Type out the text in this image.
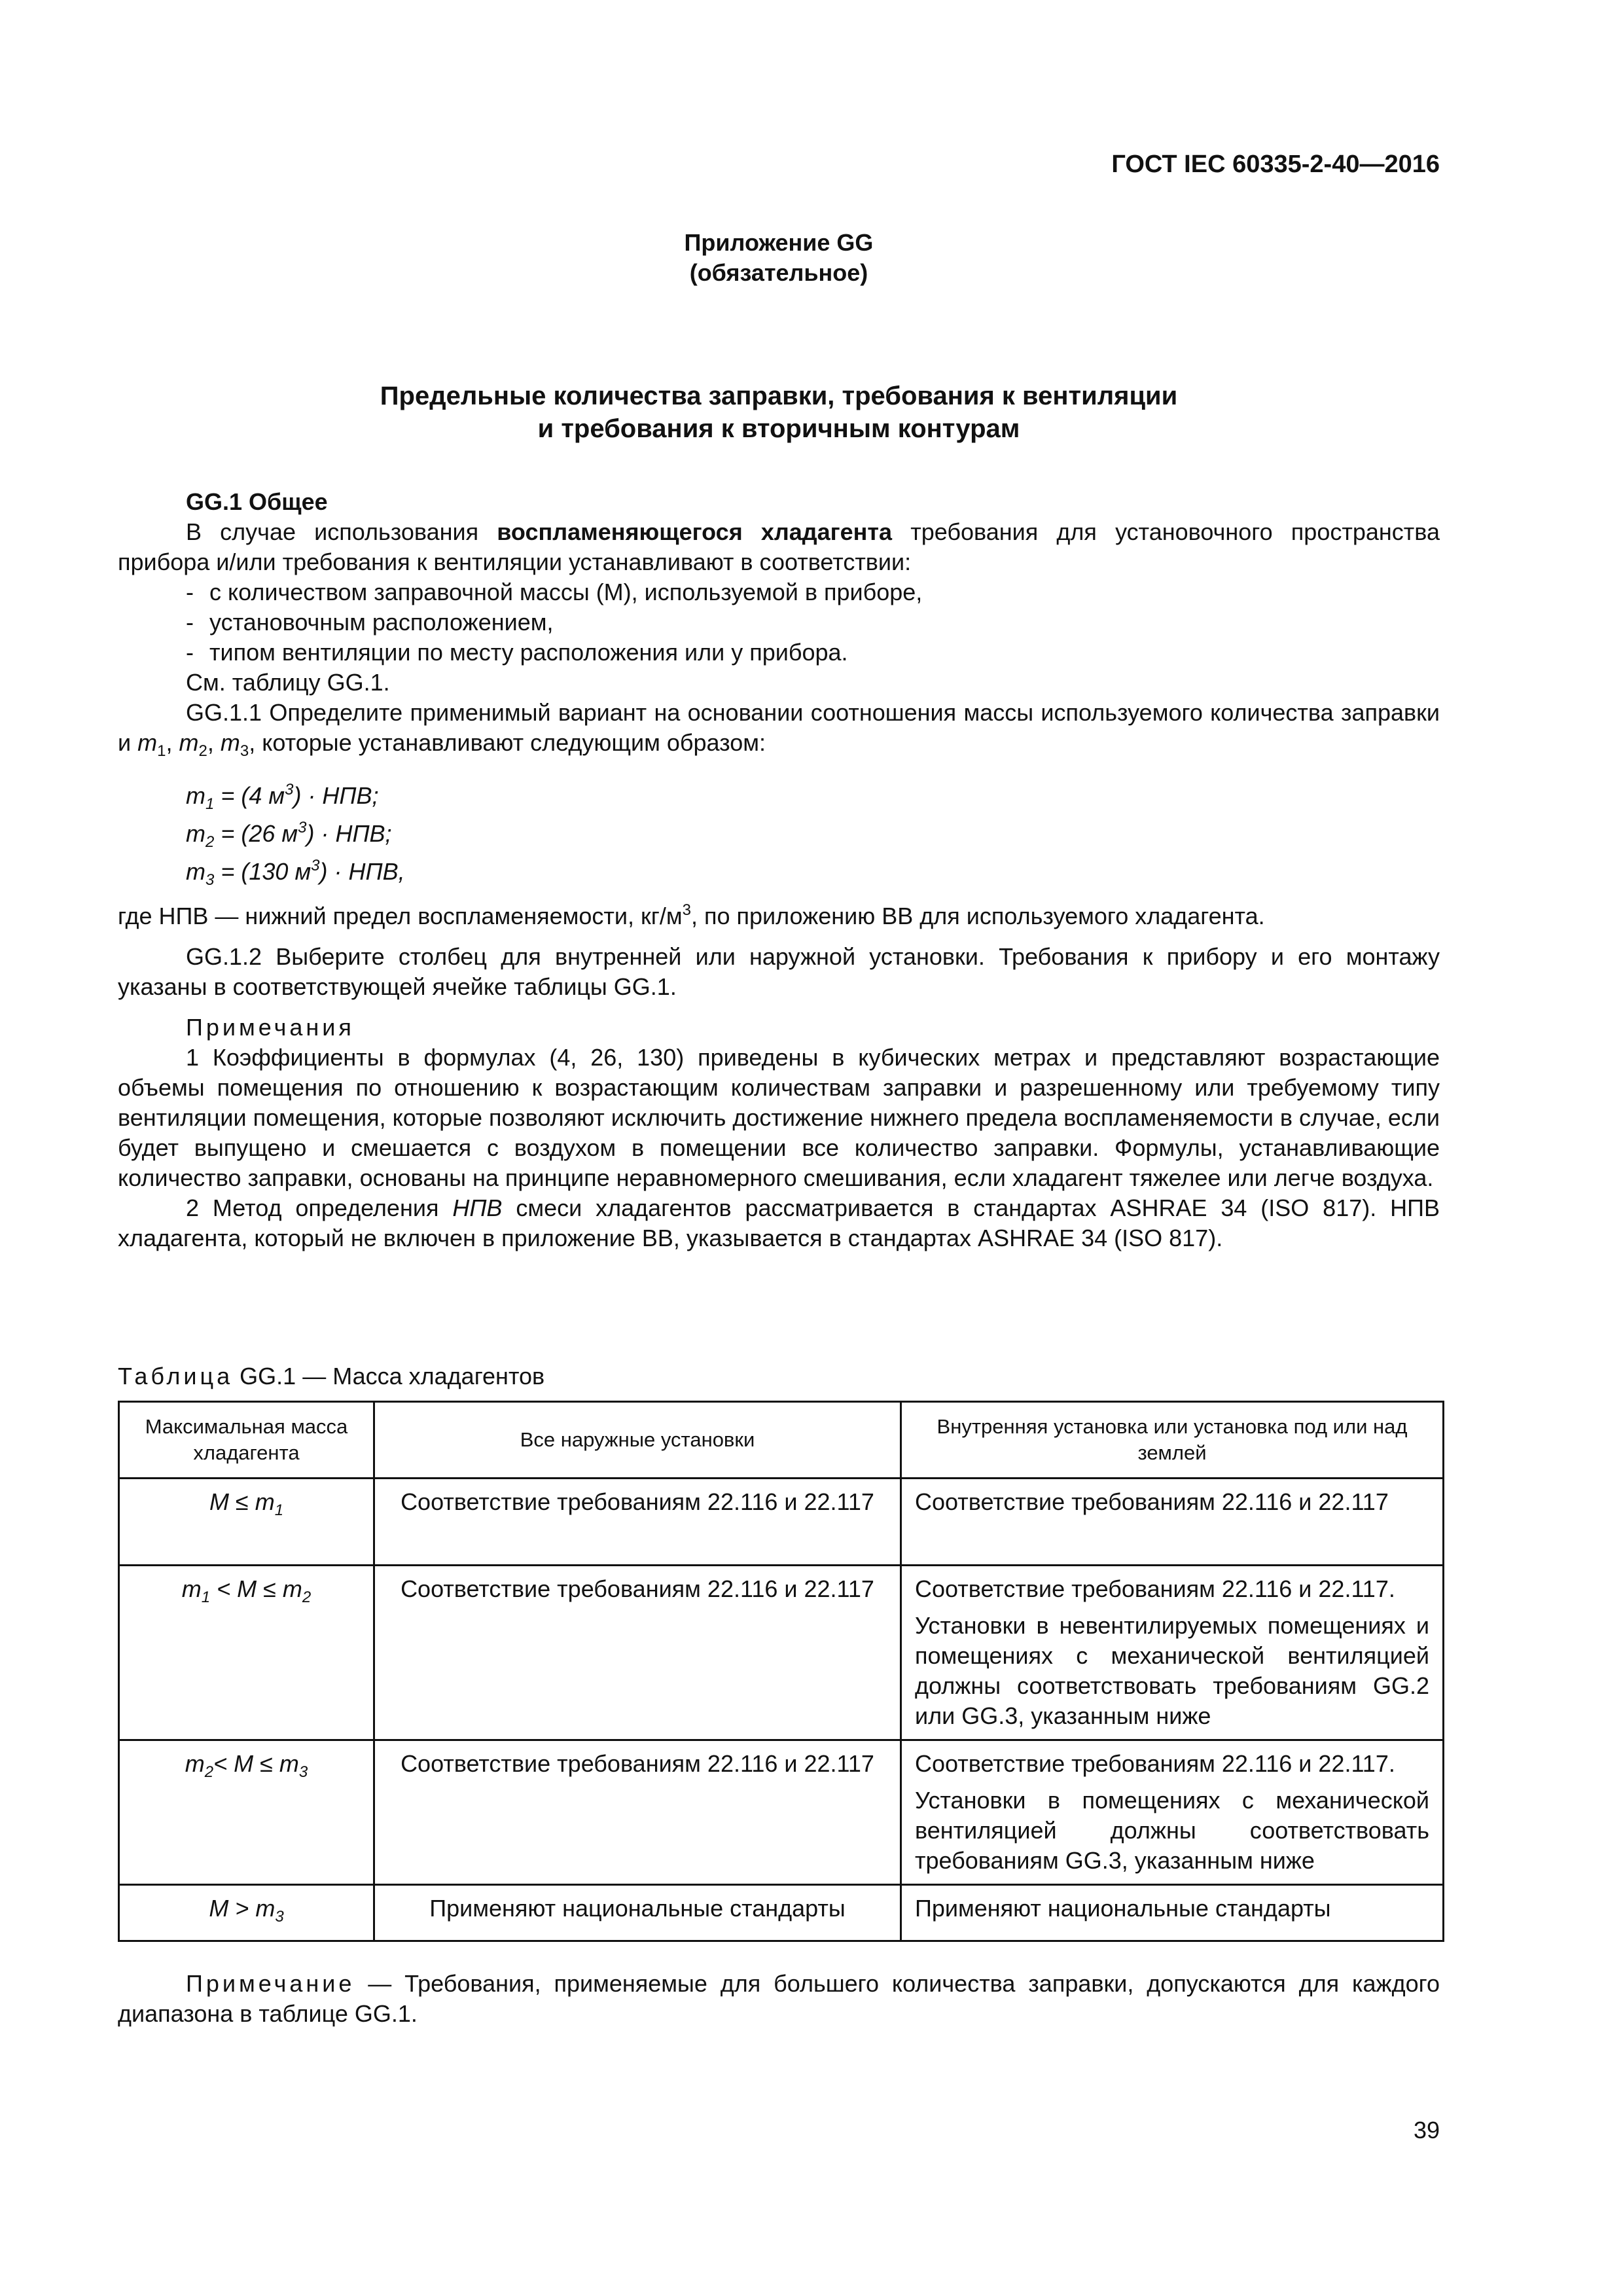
ГОСТ IEC 60335-2-40—2016
Приложение GG
(обязательное)
Предельные количества заправки, требования к вентиляции
и требования к вторичным контурам

GG.1 Общее

В случае использования воспламеняющегося хладагента требования для установочного пространства прибора и/или требования к вентиляции устанавливают в соответствии:

- с количеством заправочной массы (М), используемой в приборе,

- установочным расположением,

- типом вентиляции по месту расположения или у прибора.

См. таблицу GG.1.

GG.1.1 Определите применимый вариант на основании соотношения массы используемого количества заправки и $m_1$, $m_2$, $m_3$, которые устанавливают следующим образом:

$m_1 = (4$ $м^3$) · НПВ;

$m_2 = (26$ $м^3$) · НПВ;

$m_3 = (130$ $м^3$) · НПВ,

где НПВ — нижний предел воспламеняемости, $кг/м^3$, по приложению ВВ для используемого хладагента.

GG.1.2 Выберите столбец для внутренней или наружной установки. Требования к прибору и его монтажу указаны в соответствующей ячейке таблицы GG.1.

Примечания

1 Коэффициенты в формулах (4, 26, 130) приведены в кубических метрах и представляют возрастающие объемы помещения по отношению к возрастающим количествам заправки и разрешенному или требуемому типу вентиляции помещения, которые позволяют исключить достижение нижнего предела воспламеняемости в случае, если будет выпущено и смешается с воздухом в помещении все количество заправки. Формулы, устанавливающие количество заправки, основаны на принципе неравномерного смешивания, если хладагент тяжелее или легче воздуха.

2 Метод определения НПВ смеси хладагентов рассматривается в стандартах ASHRAE 34 (ISO 817). НПВ хладагента, который не включен в приложение ВВ, указывается в стандартах ASHRAE 34 (ISO 817).

Таблица GG.1 — Масса хладагентов
Максимальная масса хладагента	Все наружные установки	Внутренняя установка или установка под или над землей
$M \le m_1$	Соответствие требованиям 22.116 и 22.117	Соответствие требованиям 22.116 и 22.117

$m_1 < M \le m_2$	Соответствие требованиям 22.116 и 22.117	Соответствие требованиям 22.116 и 22.117.
Установки в невентилируемых помещениях и помещениях с механической вентиляцией должны соответствовать требованиям GG.2 или GG.3, указанным ниже

$m_2< M \le m_3$	Соответствие требованиям 22.116 и 22.117	Соответствие требованиям 22.116 и 22.117.
Установки в помещениях с механической вентиляцией должны соответствовать требованиям GG.3, указанным ниже

$M > m_3$	Применяют национальные стандарты	Применяют национальные стандарты

Примечание — Требования, применяемые для большего количества заправки, допускаются для каждого диапазона в таблице GG.1.

39
